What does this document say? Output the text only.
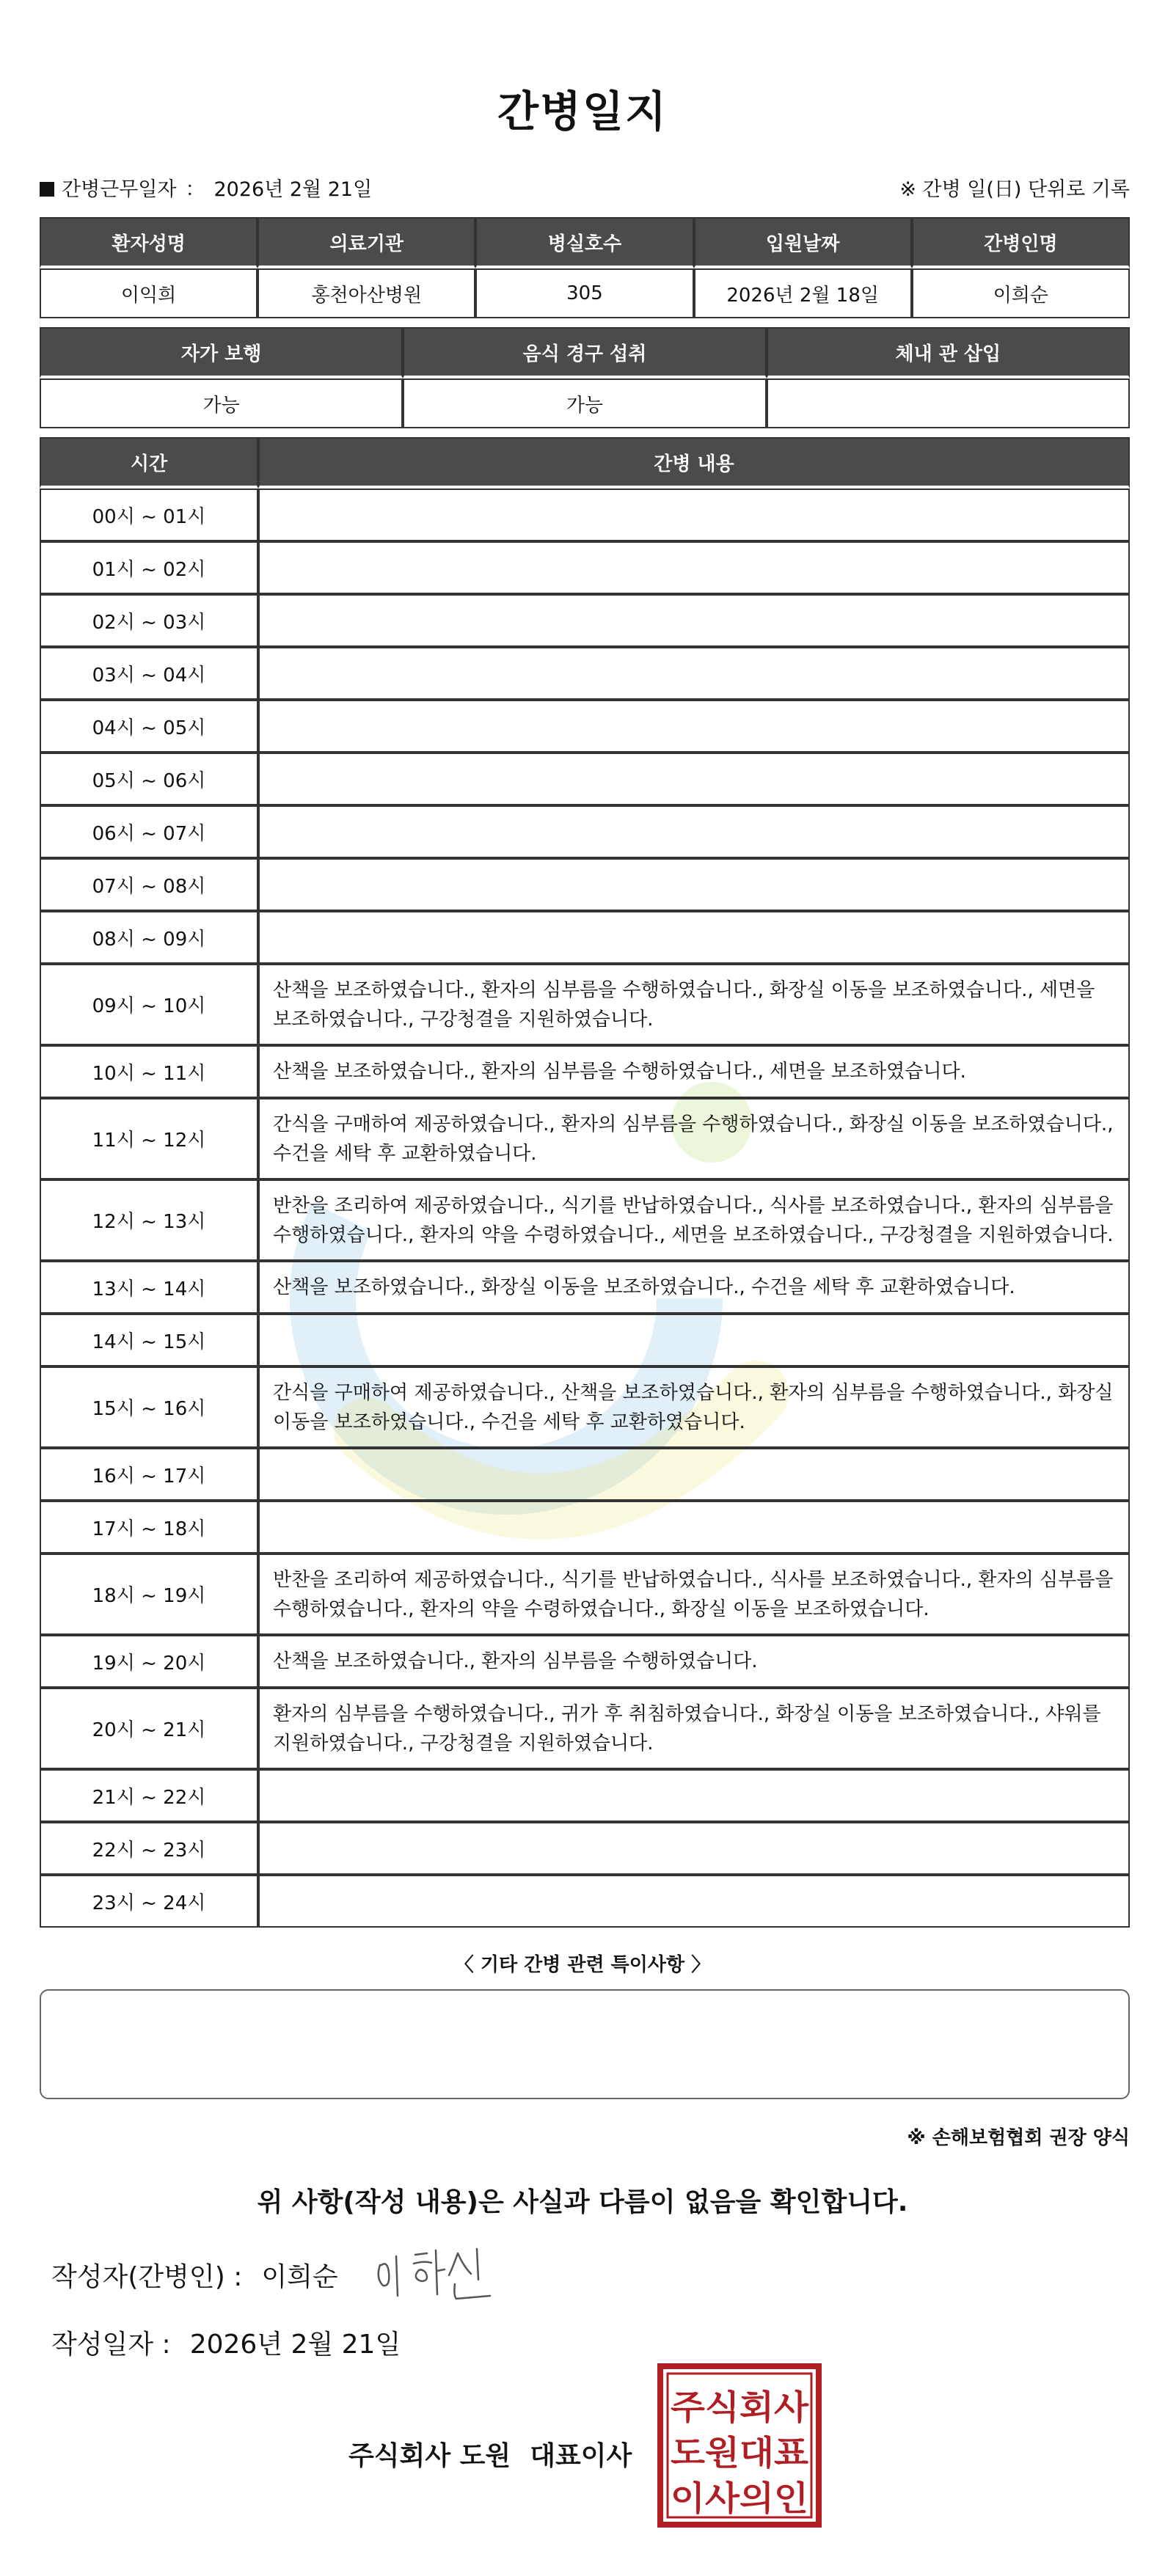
간병일지
간병근무일자 ： 2026년 2월 21일	※ 간병 일(日) 단위로 기록
환자성명	의료기관	병실호수	입원날짜	간병인명
이익희	홍천아산병원	305	2026년 2월 18일	이희순
자가 보행	음식 경구 섭취	체내 관 삽입
가능	가능	
시간	간병 내용
00시 ~ 01시	
01시 ~ 02시	
02시 ~ 03시	
03시 ~ 04시	
04시 ~ 05시	
05시 ~ 06시	
06시 ~ 07시	
07시 ~ 08시	
08시 ~ 09시	
09시 ~ 10시	산책을 보조하였습니다., 환자의 심부름을 수행하였습니다., 화장실 이동을 보조하였습니다., 세면을 보조하였습니다., 구강청결을 지원하였습니다.
10시 ~ 11시	산책을 보조하였습니다., 환자의 심부름을 수행하였습니다., 세면을 보조하였습니다.
11시 ~ 12시	간식을 구매하여 제공하였습니다., 환자의 심부름을 수행하였습니다., 화장실 이동을 보조하였습니다., 수건을 세탁 후 교환하였습니다.
12시 ~ 13시	반찬을 조리하여 제공하였습니다., 식기를 반납하였습니다., 식사를 보조하였습니다., 환자의 심부름을 수행하였습니다., 환자의 약을 수령하였습니다., 세면을 보조하였습니다., 구강청결을 지원하였습니다.
13시 ~ 14시	산책을 보조하였습니다., 화장실 이동을 보조하였습니다., 수건을 세탁 후 교환하였습니다.
14시 ~ 15시	
15시 ~ 16시	간식을 구매하여 제공하였습니다., 산책을 보조하였습니다., 환자의 심부름을 수행하였습니다., 화장실 이동을 보조하였습니다., 수건을 세탁 후 교환하였습니다.
16시 ~ 17시	
17시 ~ 18시	
18시 ~ 19시	반찬을 조리하여 제공하였습니다., 식기를 반납하였습니다., 식사를 보조하였습니다., 환자의 심부름을 수행하였습니다., 환자의 약을 수령하였습니다., 화장실 이동을 보조하였습니다.
19시 ~ 20시	산책을 보조하였습니다., 환자의 심부름을 수행하였습니다.
20시 ~ 21시	환자의 심부름을 수행하였습니다., 귀가 후 취침하였습니다., 화장실 이동을 보조하였습니다., 샤워를 지원하였습니다., 구강청결을 지원하였습니다.
21시 ~ 22시	
22시 ~ 23시	
23시 ~ 24시	
〈 기타 간병 관련 특이사항 〉
※ 손해보험협회 권장 양식
위 사항(작성 내용)은 사실과 다름이 없음을 확인합니다.
작성자(간병인) : 이희순
작성일자 : 2026년 2월 21일
주식회사 도원 대표이사
주식회사
도원대표
이사의인
